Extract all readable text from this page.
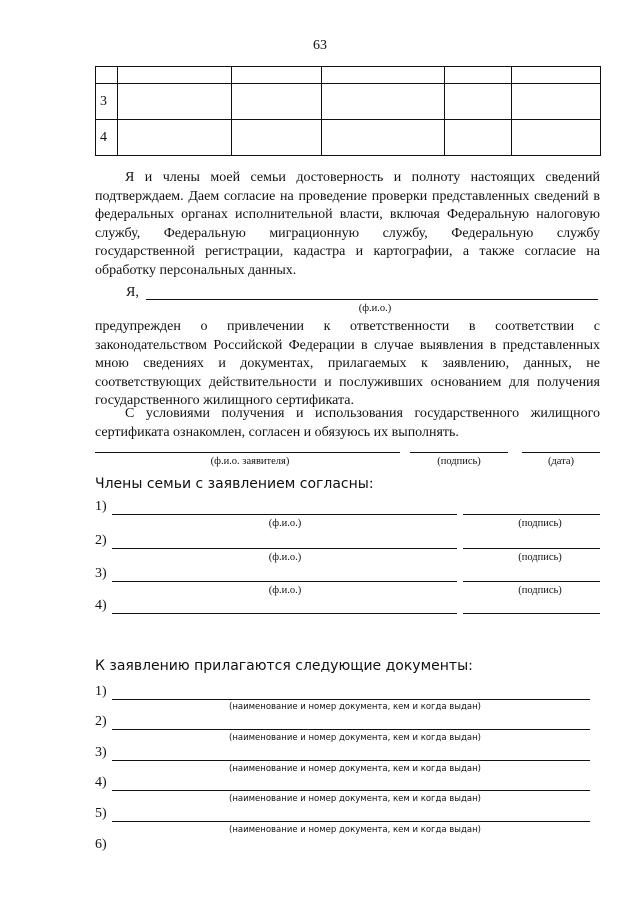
63

3					
4					
Я и члены моей семьи достоверность и полноту настоящих сведений подтверждаем. Даем согласие на проведение проверки представленных сведений в федеральных органах исполнительной власти, включая Федеральную налоговую службу, Федеральную миграционную службу, Федеральную службу государственной регистрации, кадастра и картографии, а также согласие на обработку персональных данных.
Я,
(ф.и.о.)
предупрежден о привлечении к ответственности в соответствии с законодательством Российской Федерации в случае выявления в представленных мною сведениях и документах, прилагаемых к заявлению, данных, не соответствующих действительности и послуживших основанием для получения государственного жилищного сертификата.
С условиями получения и использования государственного жилищного сертификата ознакомлен, согласен и обязуюсь их выполнять.
(ф.и.о. заявителя)	(подпись)	(дата)
Члены семьи с заявлением согласны:
1)
(ф.и.о.)	(подпись)
2)
(ф.и.о.)	(подпись)
3)
(ф.и.о.)	(подпись)
4)
К заявлению прилагаются следующие документы:
1)
(наименование и номер документа, кем и когда выдан)
2)
(наименование и номер документа, кем и когда выдан)
3)
(наименование и номер документа, кем и когда выдан)
4)
(наименование и номер документа, кем и когда выдан)
5)
(наименование и номер документа, кем и когда выдан)
6)
